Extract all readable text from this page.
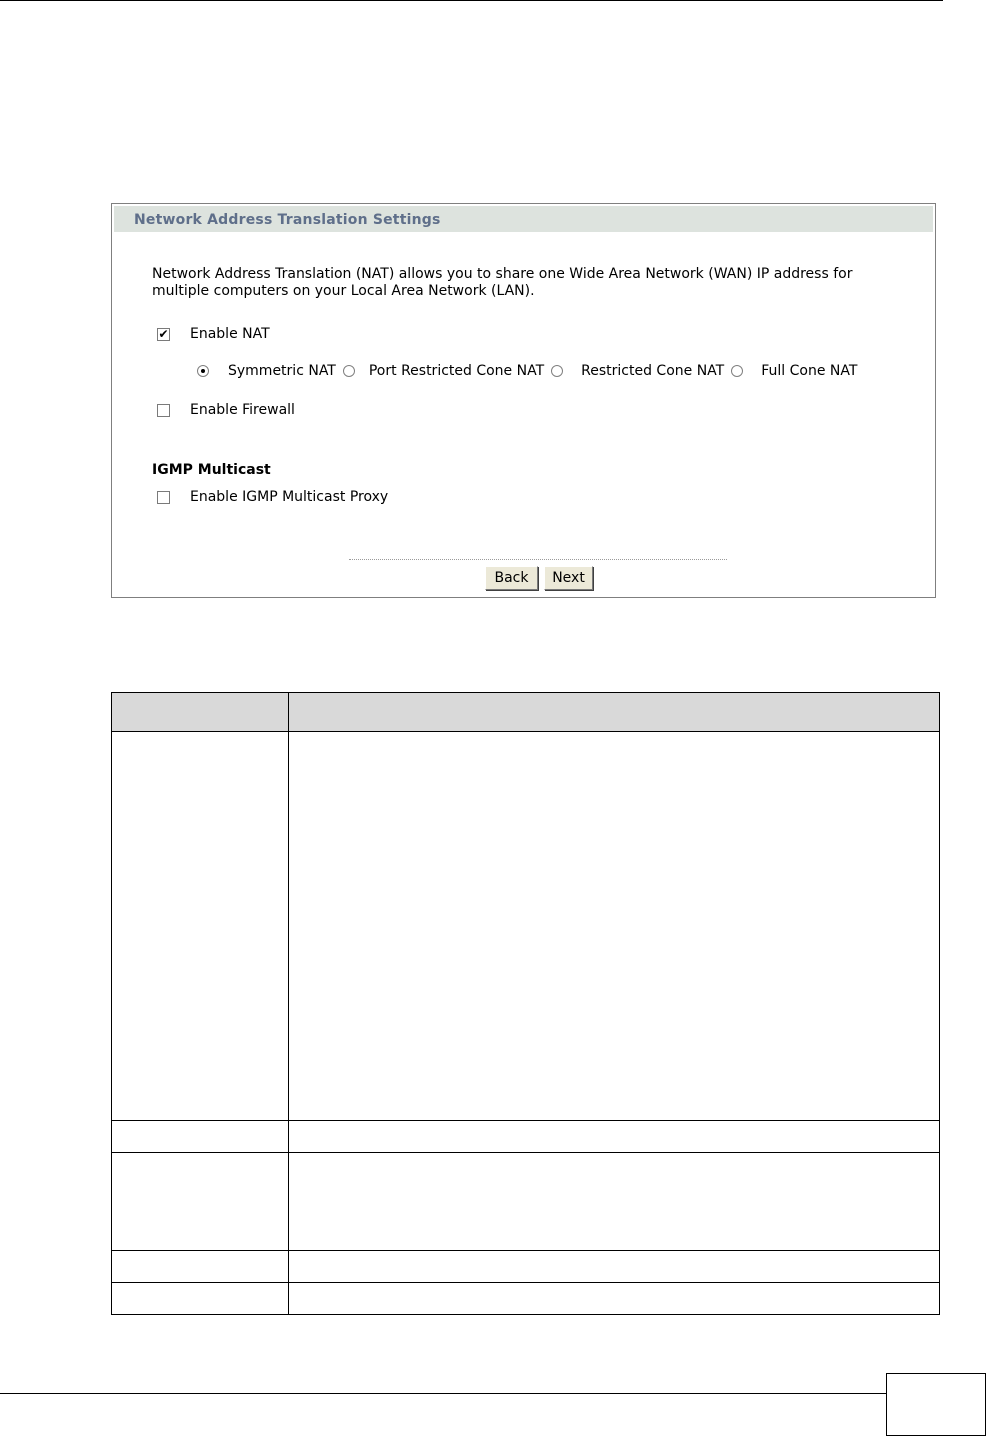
Network Address Translation Settings
Network Address Translation (NAT) allows you to share one Wide Area Network (WAN) IP address for multiple computers on your Local Area Network (LAN).
✔ Enable NAT
Symmetric NAT Port Restricted Cone NAT	Restricted Cone NAT	Full Cone NAT
Enable Firewall
IGMP Multicast
Enable IGMP Multicast Proxy
Back	Next
